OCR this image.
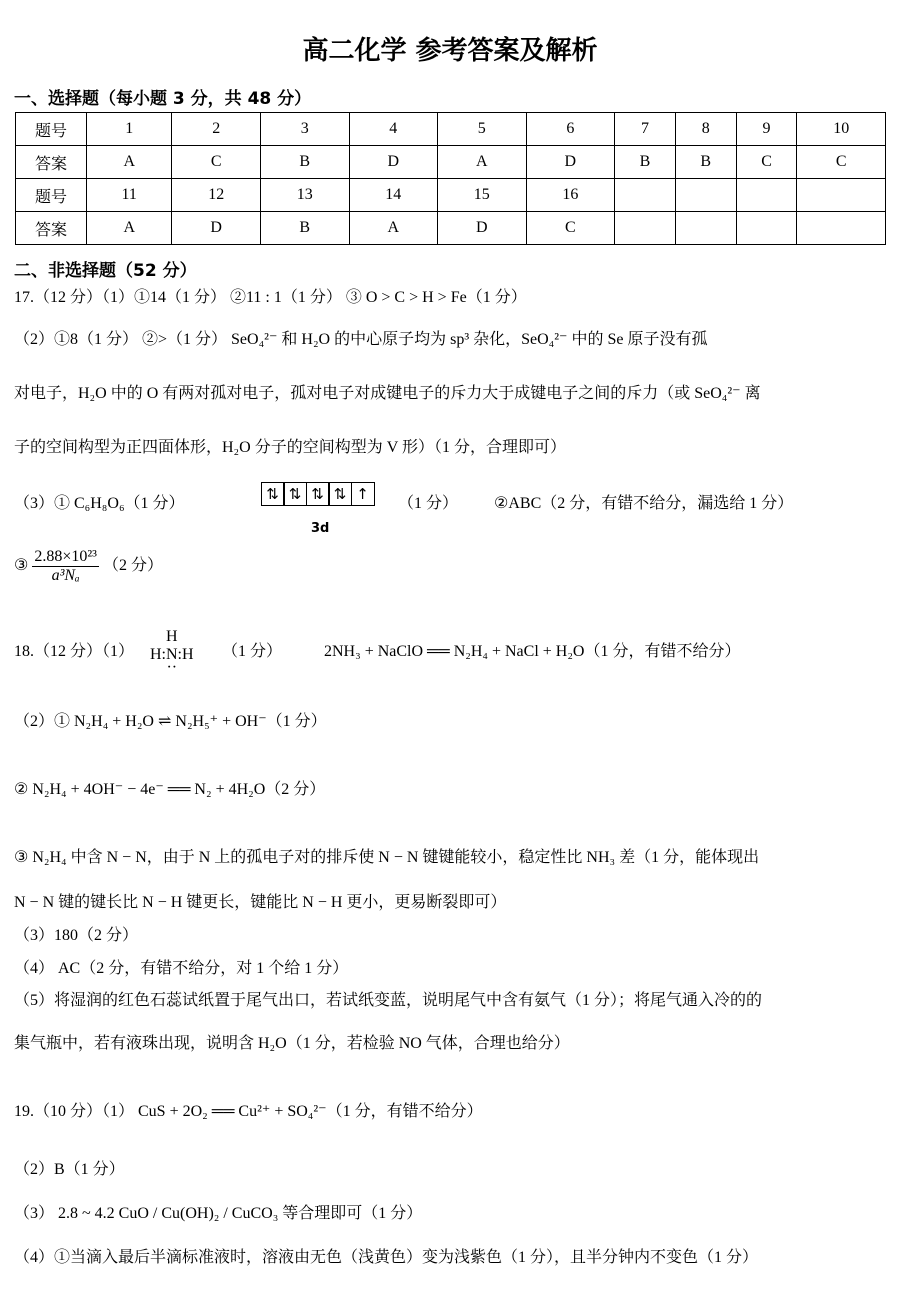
高二化学 参考答案及解析
一、选择题（每小题 3 分，共 48 分）
题号	1	2	3	4	5	6	7	8	9	10
答案	A	C	B	D	A	D	B	B	C	C
题号	11	12	13	14	15	16				
答案	A	D	B	A	D	C				
二、非选择题（52 分）
17.（12 分）（1）①14（1 分） ②11 : 1（1 分） ③ O > C > H > Fe（1 分）
（2）①8（1 分） ②>（1 分） SeO₄²⁻ 和 H₂O 的中心原子均为 sp³ 杂化，SeO₄²⁻ 中的 Se 原子没有孤
对电子，H₂O 中的 O 有两对孤对电子，孤对电子对成键电子的斥力大于成键电子之间的斥力（或 SeO₄²⁻ 离
子的空间构型为正四面体形，H₂O 分子的空间构型为 V 形）（1 分，合理即可）
（3）① C₆H₈O₆（1 分）
⇅ ⇅ ⇅ ⇅ ↑
3d
（1 分） ②ABC（2 分，有错不给分，漏选给 1 分）
③ $\frac{\text{2.88×10²³}}{\text{a³Nₐ}} (2$ 分）
18.（12 分）（1）
H
H:N:H
··
（1 分）	2NH₃ + NaClO ══ N₂H₄ + NaCl + H₂O（1 分，有错不给分）
（2）① N₂H₄ + H₂O ⇌ N₂H₅⁺ + OH⁻（1 分）
② N₂H₄ + 4OH⁻ − 4e⁻ ══ N₂ + 4H₂O（2 分）
③ N₂H₄ 中含 N − N，由于 N 上的孤电子对的排斥使 N − N 键键能较小，稳定性比 NH₃ 差（1 分，能体现出
N − N 键的键长比 N − H 键更长，键能比 N − H 更小，更易断裂即可）
（3）180（2 分）
（4） AC（2 分，有错不给分，对 1 个给 1 分）
（5）将湿润的红色石蕊试纸置于尾气出口，若试纸变蓝，说明尾气中含有氨气（1 分）；将尾气通入冷的的
集气瓶中，若有液珠出现，说明含 H₂O（1 分，若检验 NO 气体，合理也给分）
19.（10 分）（1） CuS + 2O₂ ══ Cu²⁺ + SO₄²⁻（1 分，有错不给分）
（2）B（1 分）
（3） 2.8 ~ 4.2 CuO / Cu(OH)₂ / CuCO₃ 等合理即可（1 分）
（4）①当滴入最后半滴标准液时，溶液由无色（浅黄色）变为浅紫色（1 分），且半分钟内不变色（1 分）
